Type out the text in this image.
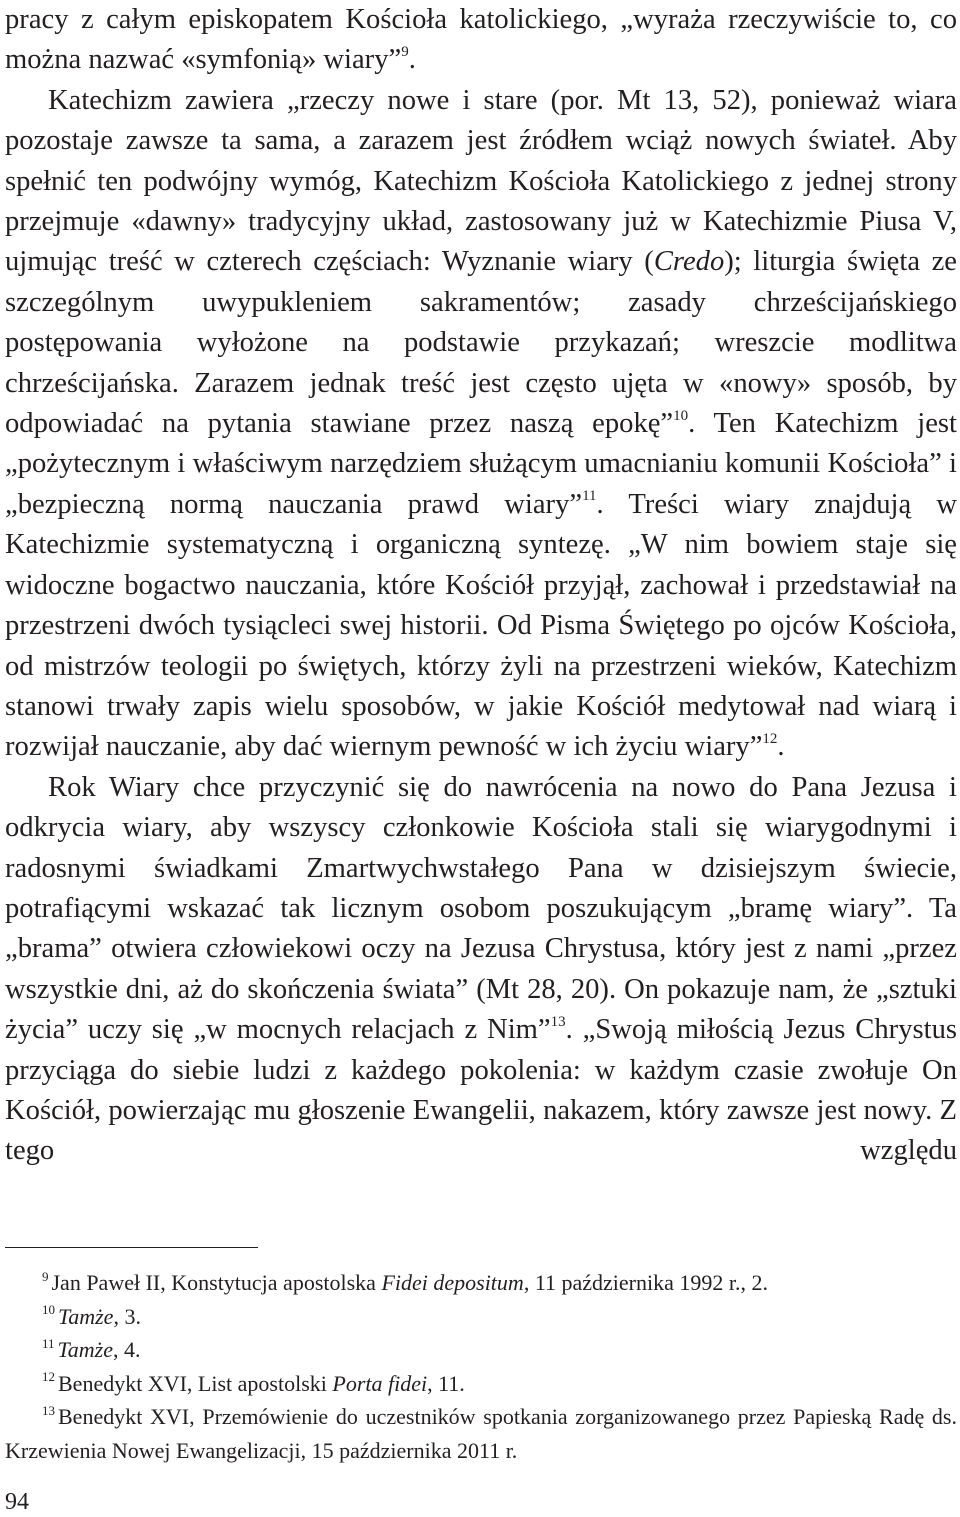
pracy z całym episkopatem Kościoła katolickiego, „wyraża rzeczywiście to, co można nazwać «symfonią» wiary”$^9$.

Katechizm zawiera „rzeczy nowe i stare (por. Mt 13, 52), ponieważ wiara pozostaje zawsze ta sama, a zarazem jest źródłem wciąż nowych świateł. Aby spełnić ten podwójny wymóg, Katechizm Kościoła Katolickiego z jednej strony przejmuje «dawny» tradycyjny układ, zastosowany już w Katechizmie Piusa V, ujmując treść w czterech częściach: Wyznanie wiary (Credo); liturgia święta ze szczególnym uwypukleniem sakramentów; zasady chrześcijańskiego postępowania wyłożone na podstawie przykazań; wreszcie modlitwa chrześcijańska. Zarazem jednak treść jest często ujęta w «nowy» sposób, by odpowiadać na pytania stawiane przez naszą epokę”$^{10}$. Ten Katechizm jest „pożytecznym i właściwym narzędziem służącym umacnianiu komunii Kościoła” i „bezpieczną normą nauczania prawd wiary”$^{11}$. Treści wiary znajdują w Katechizmie systematyczną i organiczną syntezę. „W nim bowiem staje się widoczne bogactwo nauczania, które Kościół przyjął, zachował i przedstawiał na przestrzeni dwóch tysiącleci swej historii. Od Pisma Świętego po ojców Kościoła, od mistrzów teologii po świętych, którzy żyli na przestrzeni wieków, Katechizm stanowi trwały zapis wielu sposobów, w jakie Kościół medytował nad wiarą i rozwijał nauczanie, aby dać wiernym pewność w ich życiu wiary”$^{12}$.

Rok Wiary chce przyczynić się do nawrócenia na nowo do Pana Jezusa i odkrycia wiary, aby wszyscy członkowie Kościoła stali się wiarygodnymi i radosnymi świadkami Zmartwychwstałego Pana w dzisiejszym świecie, potrafiącymi wskazać tak licznym osobom poszukującym „bramę wiary”. Ta „brama” otwiera człowiekowi oczy na Jezusa Chrystusa, który jest z nami „przez wszystkie dni, aż do skończenia świata” (Mt 28, 20). On pokazuje nam, że „sztuki życia” uczy się „w mocnych relacjach z Nim”$^{13}$. „Swoją miłością Jezus Chrystus przyciąga do siebie ludzi z każdego pokolenia: w każdym czasie zwołuje On Kościół, powierzając mu głoszenie Ewangelii, nakazem, który zawsze jest nowy. Z tego względu

$^9$ Jan Paweł II, Konstytucja apostolska Fidei depositum, 11 października 1992 r., 2.

$^{10}$ Tamże, 3.

$^{11}$ Tamże, 4.

$^{12}$ Benedykt XVI, List apostolski Porta fidei, 11.

$^{13}$ Benedykt XVI, Przemówienie do uczestników spotkania zorganizowanego przez Papieską Radę ds. Krzewienia Nowej Ewangelizacji, 15 października 2011 r.

94
